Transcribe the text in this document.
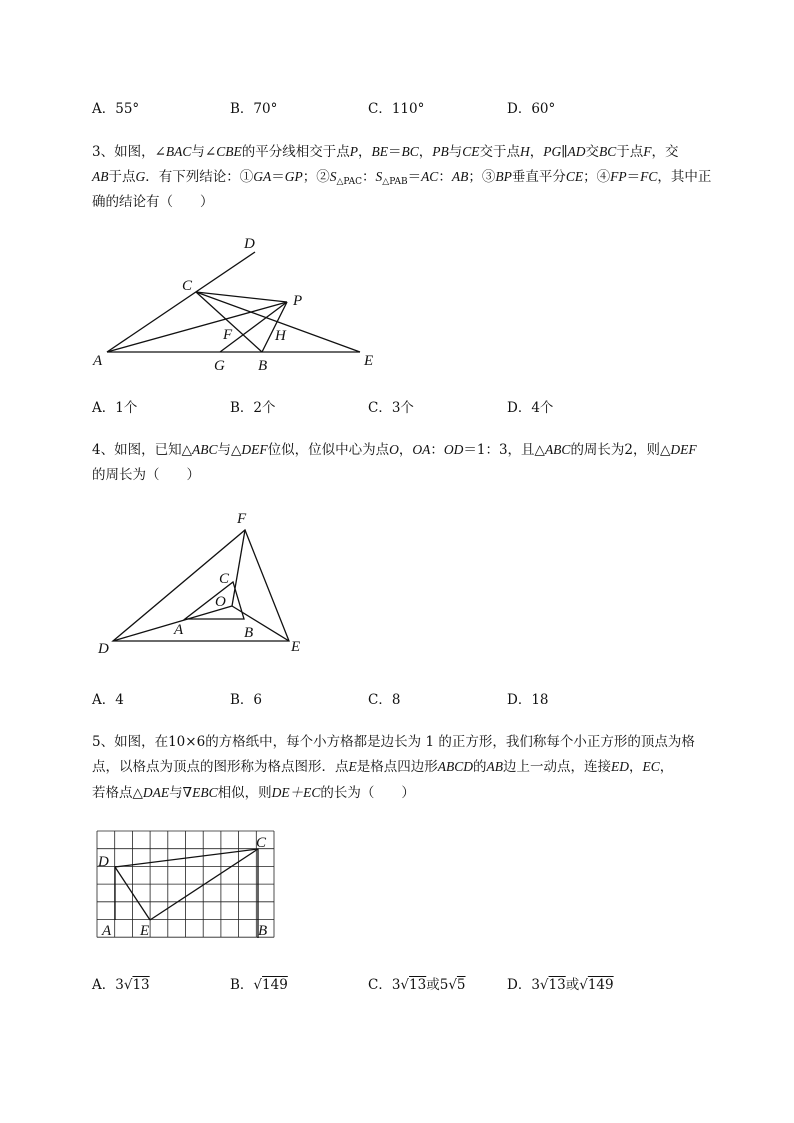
A．55°	B．70°	C．110°	D．60°
3、如图，∠BAC与∠CBE的平分线相交于点P，BE＝BC，PB与CE交于点H，PG∥AD交BC于点F，交
AB于点G．有下列结论：①GA＝GP；$②S_{\triangle PAC}$：$S_{\triangle PAB}=AC$：AB；③BP垂直平分CE；④FP＝FC，其中正
确的结论有（　　）
D
C
P
F	H
A	G B	E
A．1个	B．2个	C．3个	D．4个
4、如图，已知△ABC与△DEF位似，位似中心为点O，OA：OD＝1：3，且△ABC的周长为2，则△DEF
的周长为（　　）
F
C
O
A	B
D	E
A．4	B．6	C．8	D．18
5、如图，在10×6的方格纸中，每个小方格都是边长为 1 的正方形，我们称每个小正方形的顶点为格
点，以格点为顶点的图形称为格点图形．点E是格点四边形ABCD的AB边上一动点，连接ED，EC，
若格点△DAE与∇EBC相似，则DE＋EC的长为（　　）
D
C
A E	B
A．3√13	B．√149	C．3√13或5√5	D．3√13或√149
